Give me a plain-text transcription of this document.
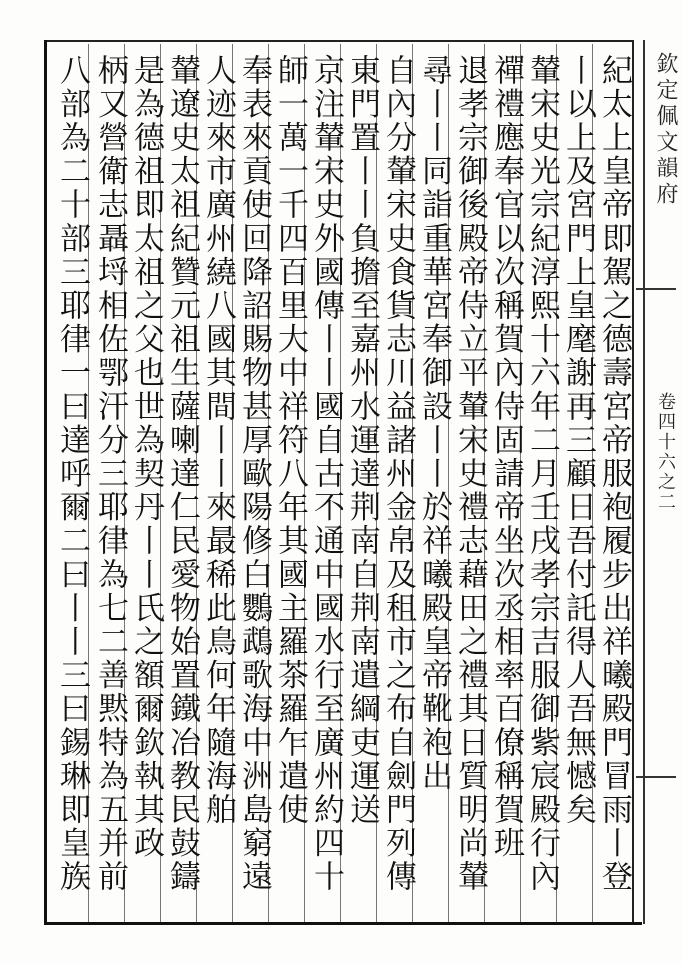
欽定佩文韻府
卷四十六之二
紀太上皇帝即駕之德壽宮帝服袍履步出祥曦殿門冒雨丨登
丨以上及宮門上皇麾謝再三顧日吾付託得人吾無憾矣
輦宋史光宗紀淳熙十六年二月壬戌孝宗吉服御紫宸殿行內
禪禮應奉官以次稱賀內侍固請帝坐次丞相率百僚稱賀班
退孝宗御後殿帝侍立平輦宋史禮志藉田之禮其日質明尚輦
尋丨丨同詣重華宮奉御設丨丨於祥曦殿皇帝靴袍出
自內分輦宋史食貨志川益諸州金帛及租市之布自劍門列傳
東門置丨丨負擔至嘉州水運達荆南自荆南遣綱吏運送
京注輦宋史外國傳丨丨國自古不通中國水行至廣州約四十
師一萬一千四百里大中祥符八年其國主羅茶羅乍遣使
奉表來貢使回降詔賜物甚厚歐陽修白鸚鵡歌海中洲島窮遠
人迹來市廣州繞八國其間丨丨來最稀此鳥何年隨海舶
輦遼史太祖紀贊元祖生薩喇達仁民愛物始置鐵冶教民鼓鑄
是為德祖即太祖之父也世為契丹丨丨氏之額爾欽執其政
柄又營衛志聶埒相佐鄂汗分三耶律為七二善黙特為五并前
八部為二十部三耶律一曰達呼爾二曰丨丨三曰錫琳即皇族
